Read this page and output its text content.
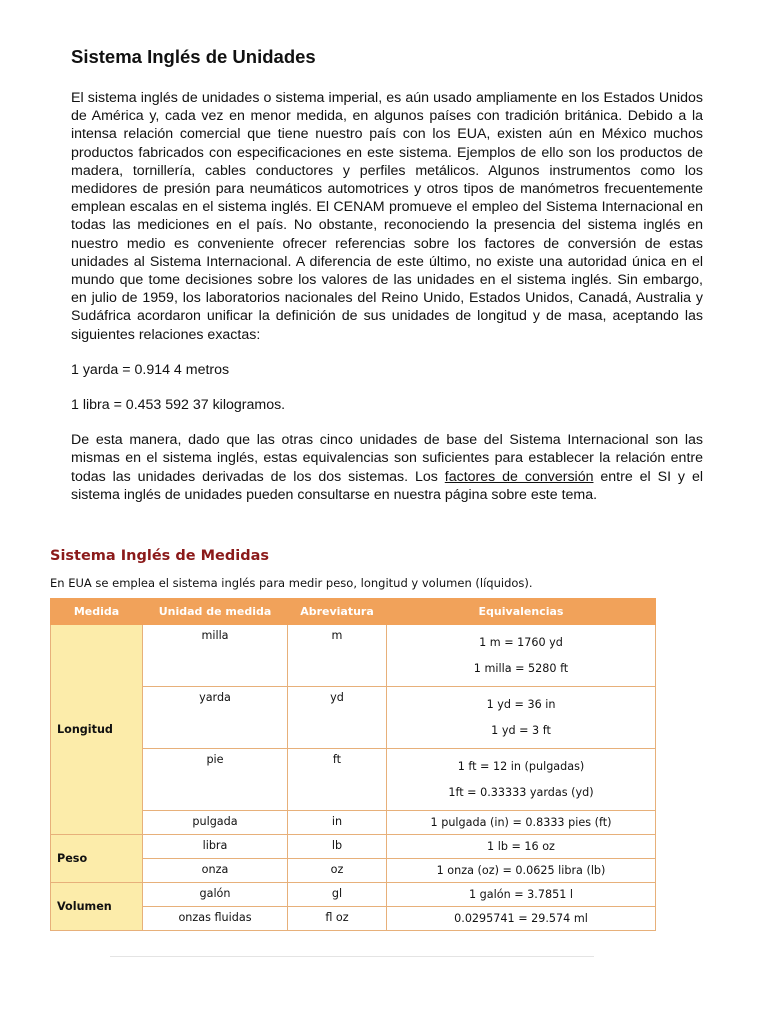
Sistema Inglés de Unidades

El sistema inglés de unidades o sistema imperial, es aún usado ampliamente en los Estados Unidos de América y, cada vez en menor medida, en algunos países con tradición británica. Debido a la intensa relación comercial que tiene nuestro país con los EUA, existen aún en México muchos productos fabricados con especificaciones en este sistema. Ejemplos de ello son los productos de madera, tornillería, cables conductores y perfiles metálicos. Algunos instrumentos como los medidores de presión para neumáticos automotrices y otros tipos de manómetros frecuentemente emplean escalas en el sistema inglés. El CENAM promueve el empleo del Sistema Internacional en todas las mediciones en el país. No obstante, reconociendo la presencia del sistema inglés en nuestro medio es conveniente ofrecer referencias sobre los factores de conversión de estas unidades al Sistema Internacional. A diferencia de este último, no existe una autoridad única en el mundo que tome decisiones sobre los valores de las unidades en el sistema inglés. Sin embargo, en julio de 1959, los laboratorios nacionales del Reino Unido, Estados Unidos, Canadá, Australia y Sudáfrica acordaron unificar la definición de sus unidades de longitud y de masa, aceptando las siguientes relaciones exactas:

1 yarda = 0.914 4 metros

1 libra = 0.453 592 37 kilogramos.

De esta manera, dado que las otras cinco unidades de base del Sistema Internacional son las mismas en el sistema inglés, estas equivalencias son suficientes para establecer la relación entre todas las unidades derivadas de los dos sistemas. Los factores de conversión entre el SI y el sistema inglés de unidades pueden consultarse en nuestra página sobre este tema.

Sistema Inglés de Medidas
En EUA se emplea el sistema inglés para medir peso, longitud y volumen (líquidos).
Medida	Unidad de medida	Abreviatura	Equivalencias
Longitud	milla	m	1 m = 1760 yd
1 milla = 5280 ft

	yarda	yd	1 yd = 36 in
1 yd = 3 ft

	pie	ft	1 ft = 12 in (pulgadas)
1ft = 0.33333 yardas (yd)

	pulgada	in	1 pulgada (in) = 0.8333 pies (ft)
Peso	libra	lb	1 lb = 16 oz
	onza	oz	1 onza (oz) = 0.0625 libra (lb)
Volumen	galón	gl	1 galón = 3.7851 l
	onzas fluidas	fl oz	0.0295741 = 29.574 ml
